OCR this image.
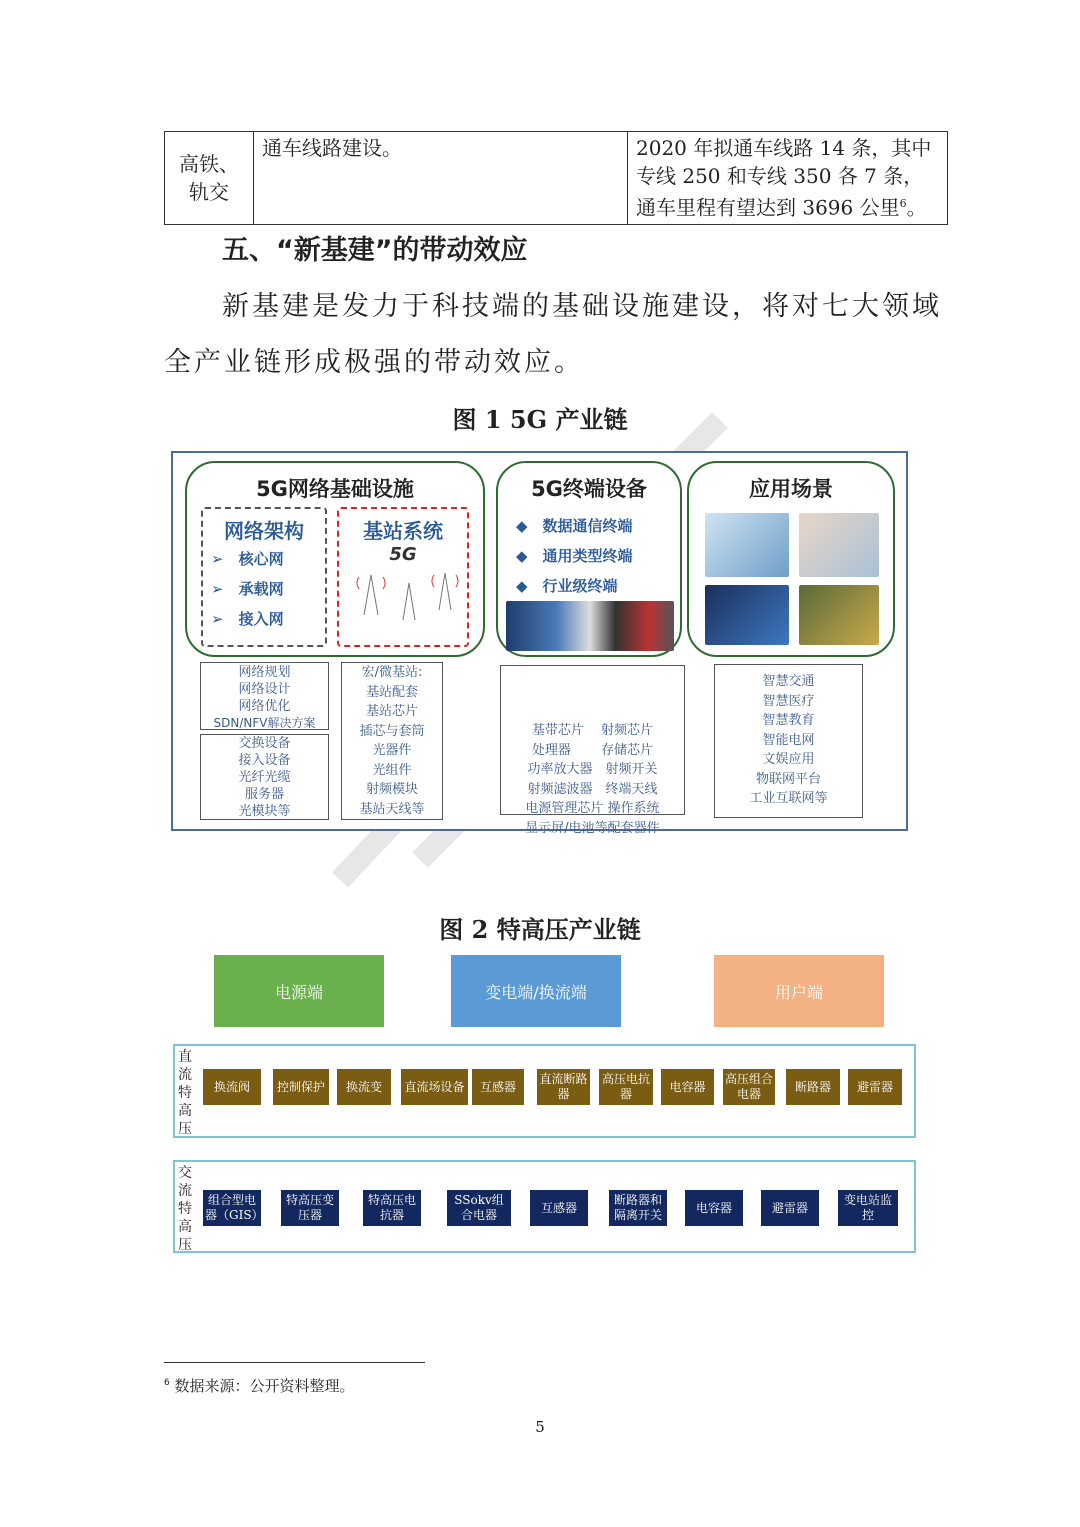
高铁、轨交	通车线路建设。	2020 年拟通车线路 14 条，其中专线 250 和专线 350 各 7 条，通车里程有望达到 3696 公里$^6$。
五、“新基建”的带动效应
新基建是发力于科技端的基础设施建设，将对七大领域
全产业链形成极强的带动效应。
图 1 5G 产业链
5G网络基础设施
网络架构
➢　核心网
➢　承载网
➢　接入网
基站系统
5G
5G终端设备
◆　数据通信终端
◆　通用类型终端
◆　行业级终端
应用场景
网络规划
网络设计
网络优化
SDN/NFV解决方案
交换设备
接入设备
光纤光缆
服务器
光模块等
宏/微基站:
基站配套
基站芯片
插芯与套筒
光器件
光组件
射频模块
基站天线等

基带芯片　 射频芯片
处理器　　 存储芯片
功率放大器　射频开关
射频滤波器　终端天线
电源管理芯片 操作系统
显示屏/电池等配套器件
智慧交通
智慧医疗
智慧教育
智能电网
文娱应用
物联网平台
工业互联网等
图 2 特高压产业链
电源端	变电端/换流端	用户端
直流特高压
换流阀	控制保护	换流变	直流场设备	互感器
直流断路器
高压电抗器
电容器
高压组合电器
断路器	避雷器
交流特高压
组合型电器（GIS）
特高压变压器
特高压电抗器
SSokv组合电器
互感器
断路器和隔离开关
电容器	避雷器
变电站监控
$^6$ 数据来源：公开资料整理。
5
